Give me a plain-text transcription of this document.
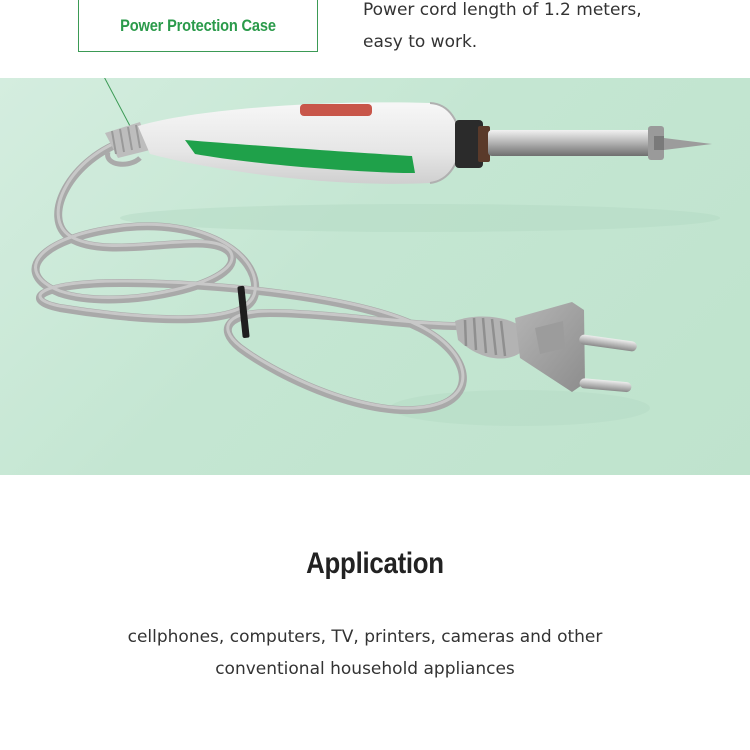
Power Protection Case
Power cord length of 1.2 meters,
easy to work.
Application
cellphones, computers, TV, printers, cameras and other
conventional household appliances
